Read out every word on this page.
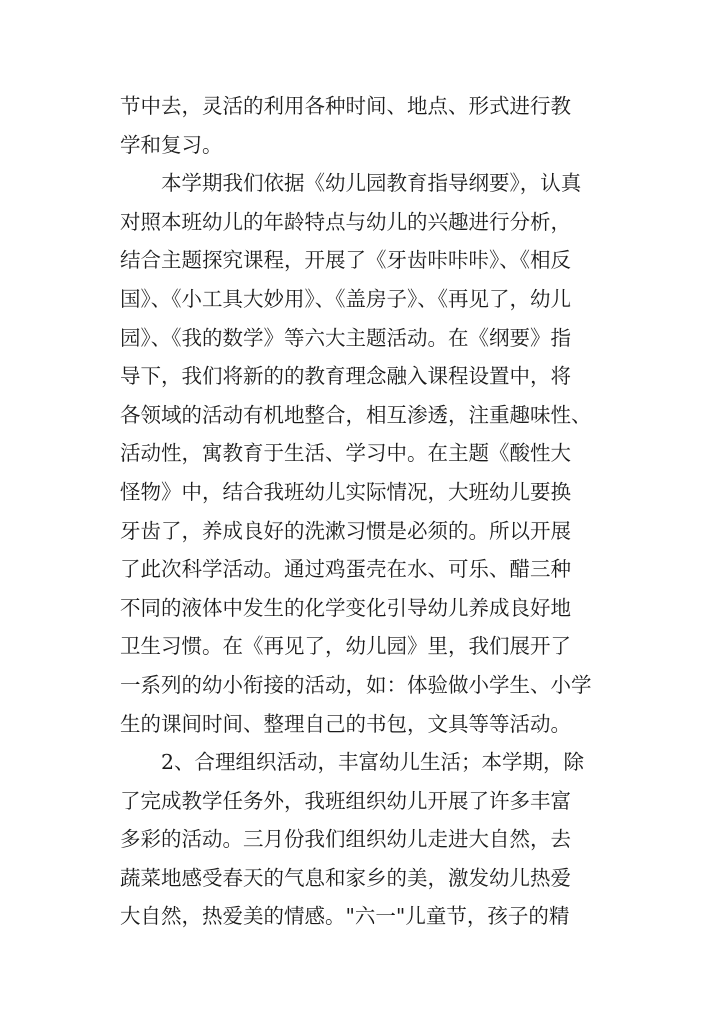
节中去，灵活的利用各种时间、地点、形式进行教
学和复习。
本学期我们依据《幼儿园教育指导纲要》，认真
对照本班幼儿的年龄特点与幼儿的兴趣进行分析，
结合主题探究课程，开展了《牙齿咔咔咔》、《相反
国》、《小工具大妙用》、《盖房子》、《再见了，幼儿
园》、《我的数学》等六大主题活动。在《纲要》指
导下，我们将新的的教育理念融入课程设置中，将
各领域的活动有机地整合，相互渗透，注重趣味性、
活动性，寓教育于生活、学习中。在主题《酸性大
怪物》中，结合我班幼儿实际情况，大班幼儿要换
牙齿了，养成良好的洗漱习惯是必须的。所以开展
了此次科学活动。通过鸡蛋壳在水、可乐、醋三种
不同的液体中发生的化学变化引导幼儿养成良好地
卫生习惯。在《再见了，幼儿园》里，我们展开了
一系列的幼小衔接的活动，如：体验做小学生、小学
生的课间时间、整理自己的书包，文具等等活动。
2、合理组织活动，丰富幼儿生活；本学期，除
了完成教学任务外，我班组织幼儿开展了许多丰富
多彩的活动。三月份我们组织幼儿走进大自然，去
蔬菜地感受春天的气息和家乡的美，激发幼儿热爱
大自然，热爱美的情感。"六一"儿童节，孩子的精
